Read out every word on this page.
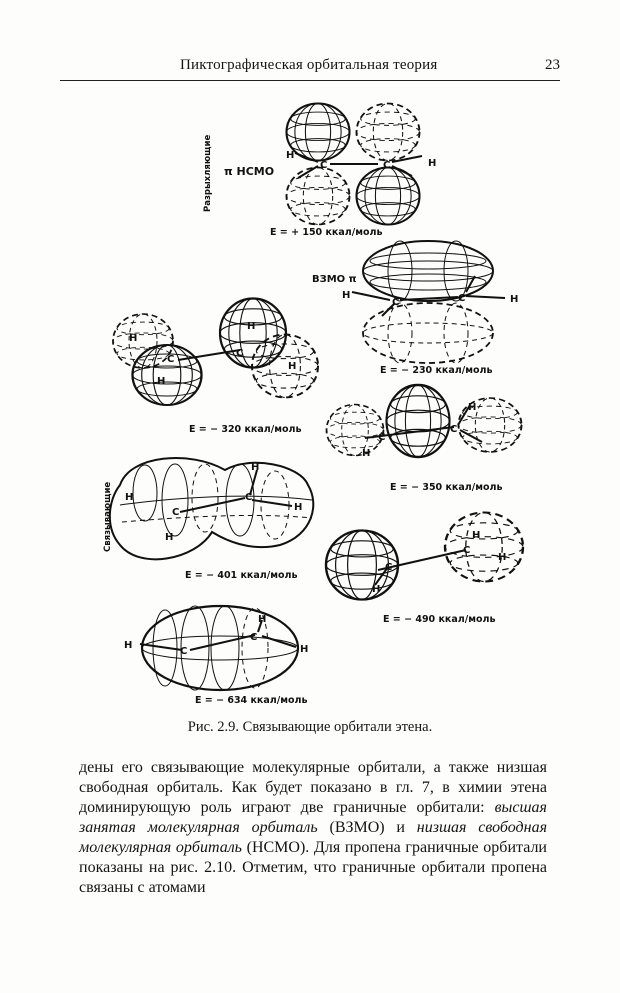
Пиктографическая орбитальная теория	23
Разрыхляющие
Связывающие
H
C	C	H
π НСМО
E = + 150 ккал/моль
H
C	C	H
ВЗМО π
E = − 230 ккал/моль
C
C
H
H
H
H
E = − 320 ккал/моль
C
C
H
H
E = − 350 ккал/моль
C
C
H
H
H
H
E = − 401 ккал/моль
C
C
H
H
H
E = − 490 ккал/моль
H
C
C
H
H
E = − 634 ккал/моль
Рис. 2.9. Связывающие орбитали этена.

дены его связывающие молекулярные орбитали, а также низшая свободная орбиталь. Как будет показано в гл. 7, в химии этена доминирующую роль играют две граничные орбитали: высшая занятая молекулярная орбиталь (ВЗМО) и низшая свободная молекулярная орбиталь (НСМО). Для пропена граничные орбитали показаны на рис. 2.10. Отметим, что граничные орбитали пропена связаны с атомами
